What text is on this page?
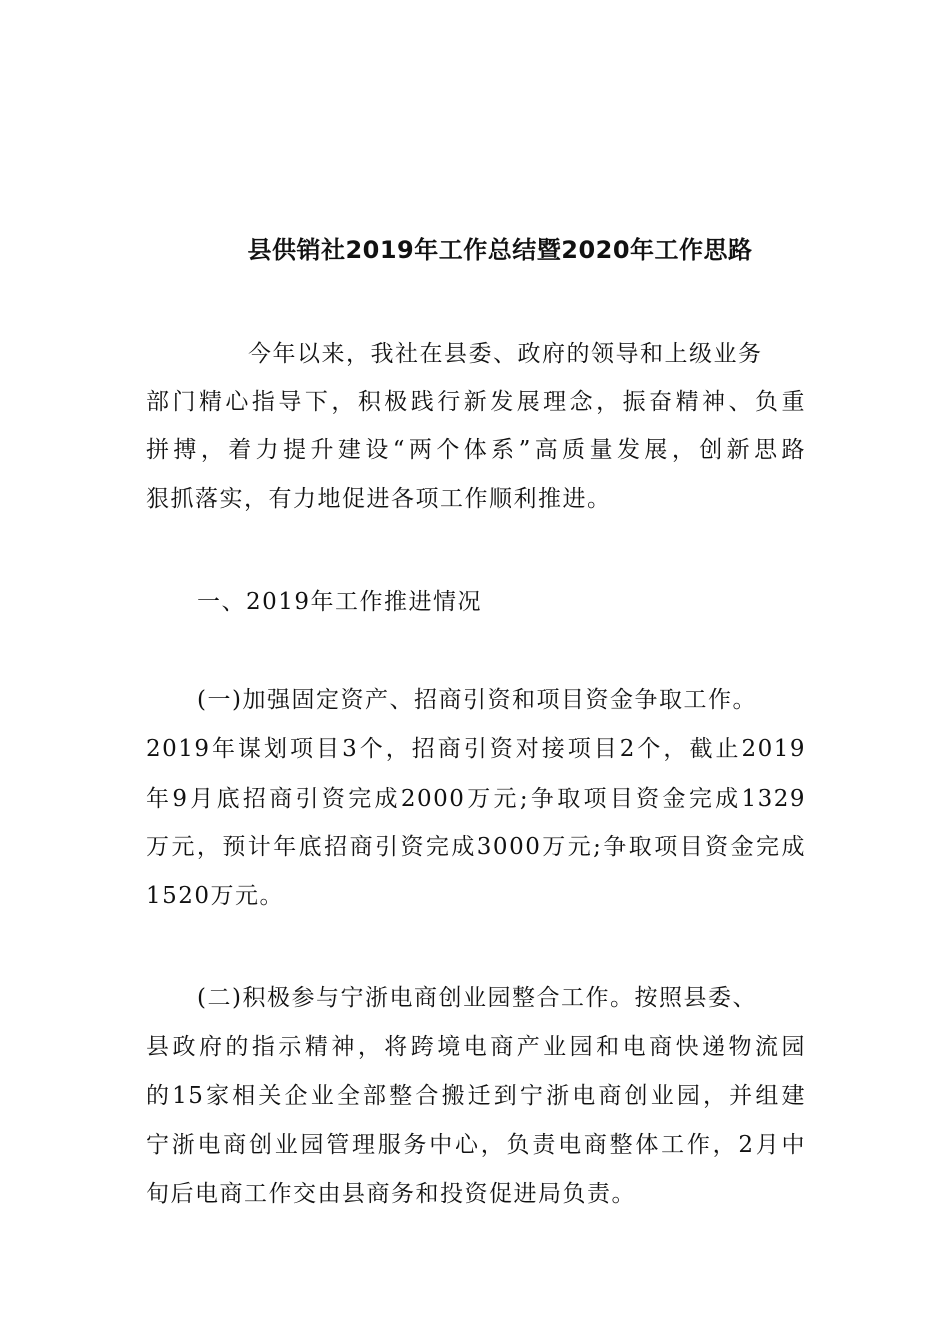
县供销社2019年工作总结暨2020年工作思路
今年以来，我社在县委、政府的领导和上级业务
部门精心指导下，积极践行新发展理念，振奋精神、负重
拼搏，着力提升建设“两个体系”高质量发展，创新思路
狠抓落实，有力地促进各项工作顺利推进。
一、2019年工作推进情况
(一)加强固定资产、招商引资和项目资金争取工作。
2019年谋划项目3个，招商引资对接项目2个，截止2019
年9月底招商引资完成2000万元;争取项目资金完成1329
万元，预计年底招商引资完成3000万元;争取项目资金完成
1520万元。
(二)积极参与宁浙电商创业园整合工作。按照县委、
县政府的指示精神，将跨境电商产业园和电商快递物流园
的15家相关企业全部整合搬迁到宁浙电商创业园，并组建
宁浙电商创业园管理服务中心，负责电商整体工作，2月中
旬后电商工作交由县商务和投资促进局负责。
